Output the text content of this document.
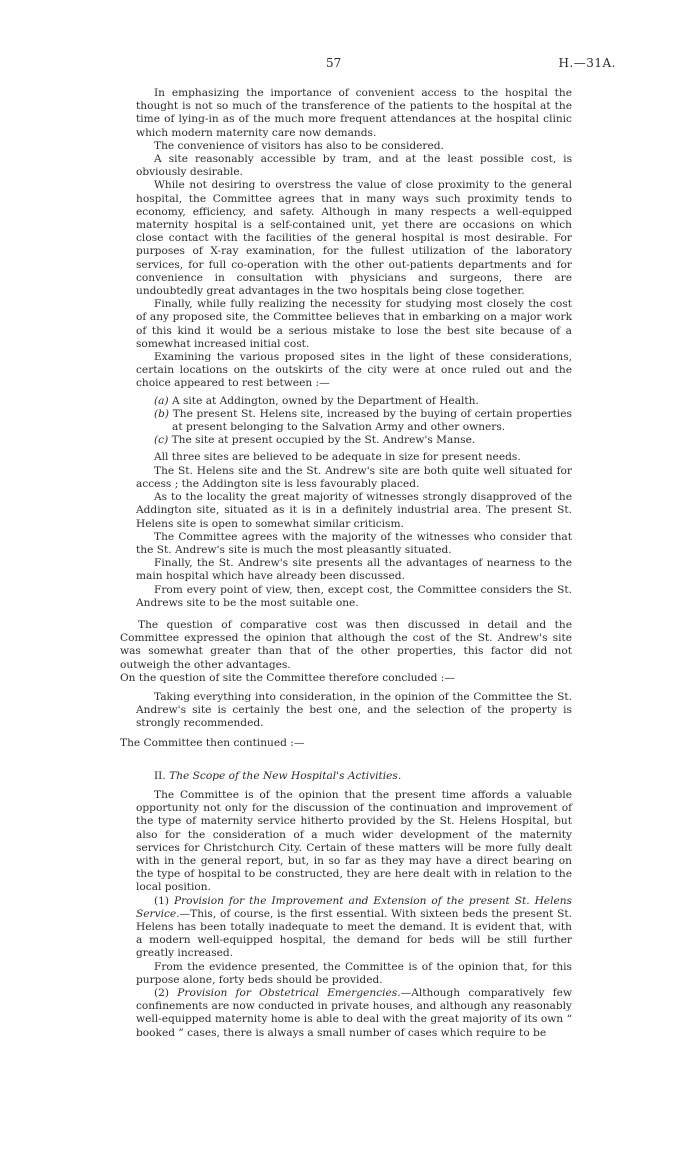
57	H.—31A.

In emphasizing the importance of convenient access to the hospital the thought is not so much of the transference of the patients to the hospital at the time of lying-in as of the much more frequent attendances at the hospital clinic which modern maternity care now demands.

The convenience of visitors has also to be considered.

A site reasonably accessible by tram, and at the least possible cost, is obviously desirable.

While not desiring to overstress the value of close proximity to the general hospital, the Committee agrees that in many ways such proximity tends to economy, efficiency, and safety. Although in many respects a well-equipped maternity hospital is a self-contained unit, yet there are occasions on which close contact with the facilities of the general hospital is most desirable. For purposes of X-ray examination, for the fullest utilization of the laboratory services, for full co-operation with the other out-patients departments and for convenience in consultation with physicians and surgeons, there are undoubtedly great advantages in the two hospitals being close together.

Finally, while fully realizing the necessity for studying most closely the cost of any proposed site, the Committee believes that in embarking on a major work of this kind it would be a serious mistake to lose the best site because of a somewhat increased initial cost.

Examining the various proposed sites in the light of these considerations, certain locations on the outskirts of the city were at once ruled out and the choice appeared to rest between :—

(a) A site at Addington, owned by the Department of Health.
(b) The present St. Helens site, increased by the buying of certain properties at present belonging to the Salvation Army and other owners.
(c) The site at present occupied by the St. Andrew's Manse.

All three sites are believed to be adequate in size for present needs.

The St. Helens site and the St. Andrew's site are both quite well situated for access ; the Addington site is less favourably placed.

As to the locality the great majority of witnesses strongly disapproved of the Addington site, situated as it is in a definitely industrial area. The present St. Helens site is open to somewhat similar criticism.

The Committee agrees with the majority of the witnesses who consider that the St. Andrew's site is much the most pleasantly situated.

Finally, the St. Andrew's site presents all the advantages of nearness to the main hospital which have already been discussed.

From every point of view, then, except cost, the Committee considers the St. Andrews site to be the most suitable one.

The question of comparative cost was then discussed in detail and the Committee expressed the opinion that although the cost of the St. Andrew's site was somewhat greater than that of the other properties, this factor did not outweigh the other advantages.

On the question of site the Committee therefore concluded :—

Taking everything into consideration, in the opinion of the Committee the St. Andrew's site is certainly the best one, and the selection of the property is strongly recommended.

The Committee then continued :—

II. The Scope of the New Hospital's Activities.

The Committee is of the opinion that the present time affords a valuable opportunity not only for the discussion of the continuation and improvement of the type of maternity service hitherto provided by the St. Helens Hospital, but also for the consideration of a much wider development of the maternity services for Christchurch City. Certain of these matters will be more fully dealt with in the general report, but, in so far as they may have a direct bearing on the type of hospital to be constructed, they are here dealt with in relation to the local position.

(1) Provision for the Improvement and Extension of the present St. Helens Service.—This, of course, is the first essential. With sixteen beds the present St. Helens has been totally inadequate to meet the demand. It is evident that, with a modern well-equipped hospital, the demand for beds will be still further greatly increased.

From the evidence presented, the Committee is of the opinion that, for this purpose alone, forty beds should be provided.

(2) Provision for Obstetrical Emergencies.—Although comparatively few confinements are now conducted in private houses, and although any reasonably well-equipped maternity home is able to deal with the great majority of its own “ booked ” cases, there is always a small number of cases which require to be
